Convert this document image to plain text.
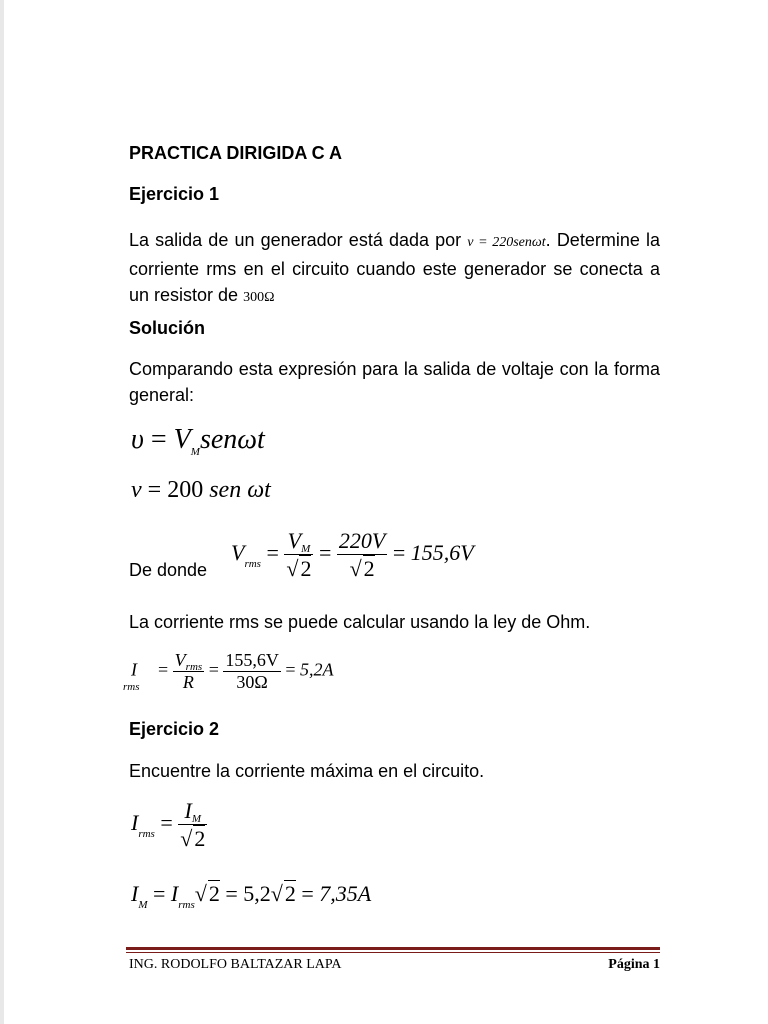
PRACTICA DIRIGIDA C A

Ejercicio 1

La salida de un generador está dada por v = 220senωt. Determine la corriente rms en el circuito cuando este generador se conecta a un resistor de 300Ω

Solución

Comparando esta expresión para la salida de voltaje con la forma general:

$\upsilon = V_Msen\omega t$
v = 200 sen ωt

De donde

$V_{rms} = \frac{VM}{√2} = \frac{220V}{√2} = 155,6V$

La corriente rms se puede calcular usando la ley de Ohm.

$I_{rms} = \frac{V_{rms}}{R} = \frac{155,6V}{30\Omega} = 5,2A$

Ejercicio 2

Encuentre la corriente máxima en el circuito.

$I_{rms} = \frac{IM}{√2}$
$I_M = I_{rms}√2 = 5,2√2 = 7,35A$
ING. RODOLFO BALTAZAR LAPA	Página 1
